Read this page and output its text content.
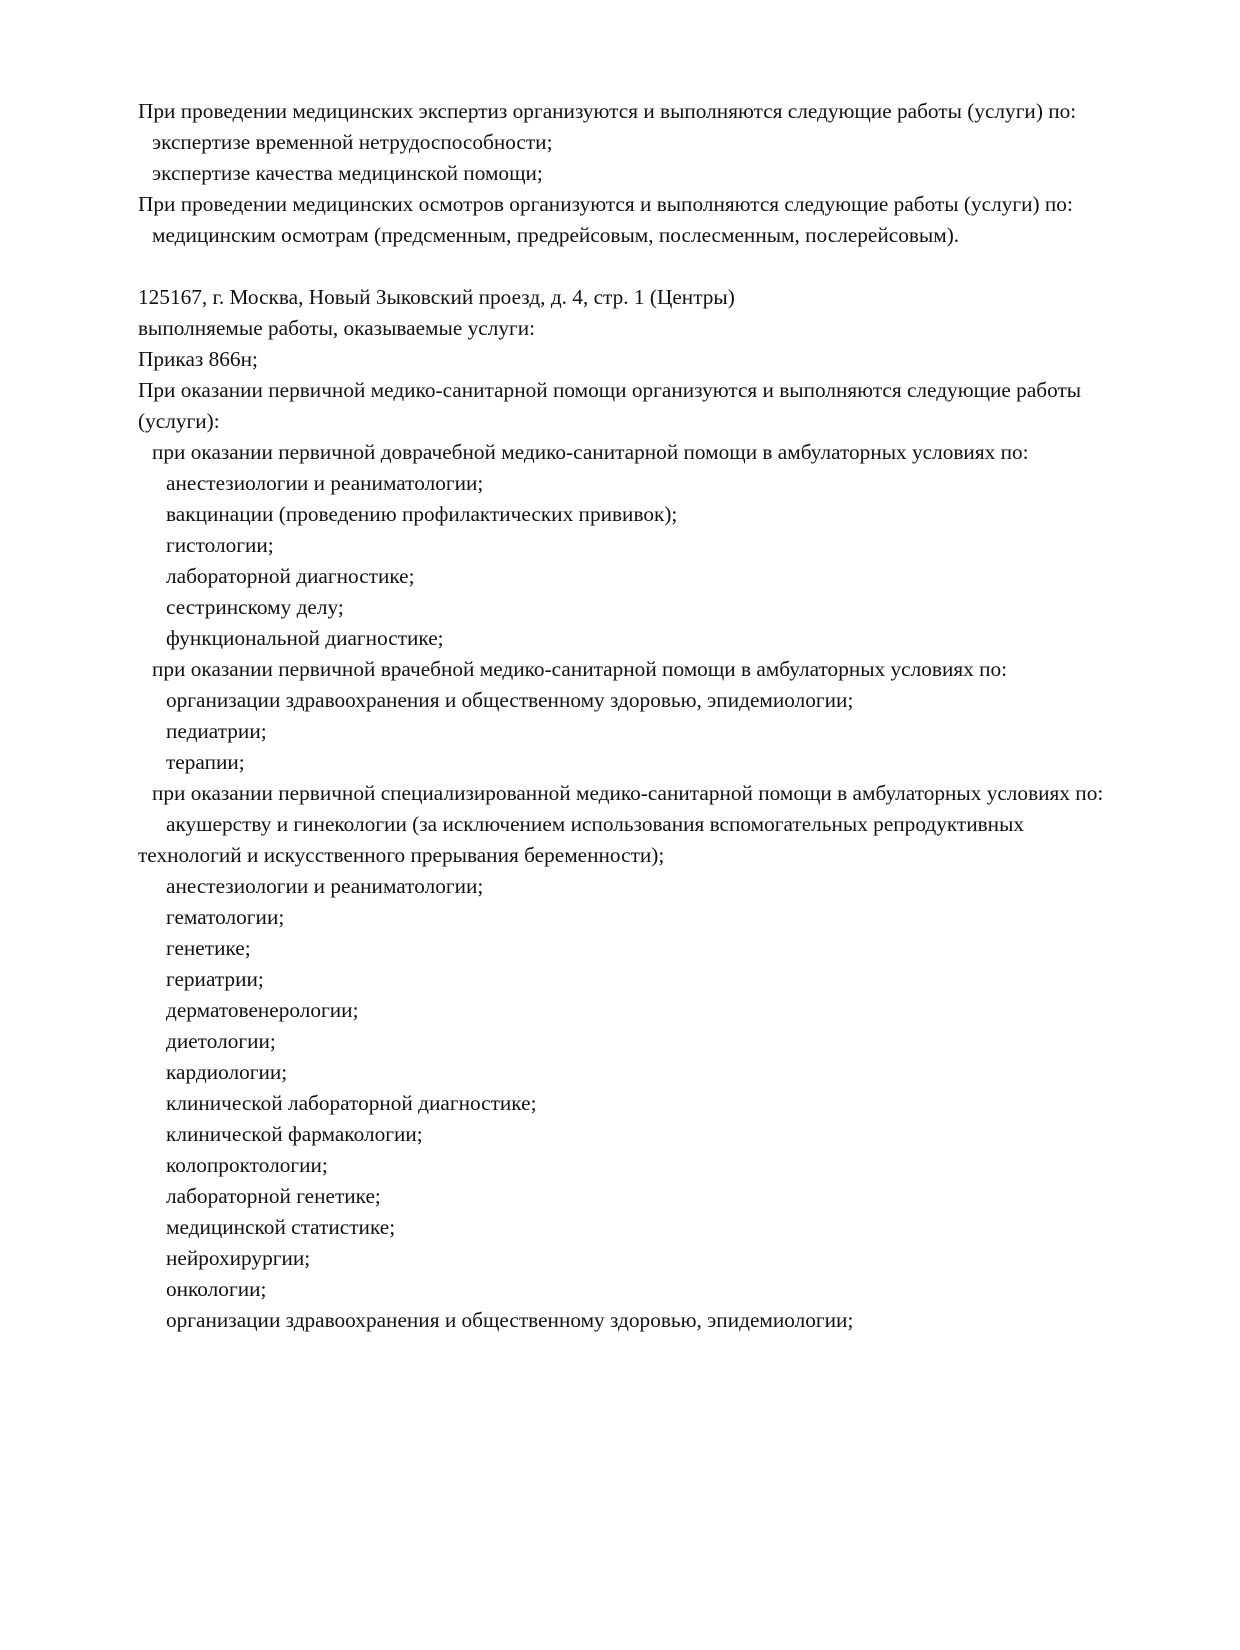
При проведении медицинских экспертиз организуются и выполняются следующие работы (услуги) по:

экспертизе временной нетрудоспособности;

экспертизе качества медицинской помощи;

При проведении медицинских осмотров организуются и выполняются следующие работы (услуги) по:

медицинским осмотрам (предсменным, предрейсовым, послесменным, послерейсовым).

125167, г. Москва, Новый Зыковский проезд, д. 4, стр. 1 (Центры)

выполняемые работы, оказываемые услуги:

Приказ 866н;

При оказании первичной медико-санитарной помощи организуются и выполняются следующие работы (услуги):

при оказании первичной доврачебной медико-санитарной помощи в амбулаторных условиях по:

анестезиологии и реаниматологии;

вакцинации (проведению профилактических прививок);

гистологии;

лабораторной диагностике;

сестринскому делу;

функциональной диагностике;

при оказании первичной врачебной медико-санитарной помощи в амбулаторных условиях по:

организации здравоохранения и общественному здоровью, эпидемиологии;

педиатрии;

терапии;

при оказании первичной специализированной медико-санитарной помощи в амбулаторных условиях по:

акушерству и гинекологии (за исключением использования вспомогательных репродуктивных технологий и искусственного прерывания беременности);

анестезиологии и реаниматологии;

гематологии;

генетике;

гериатрии;

дерматовенерологии;

диетологии;

кардиологии;

клинической лабораторной диагностике;

клинической фармакологии;

колопроктологии;

лабораторной генетике;

медицинской статистике;

нейрохирургии;

онкологии;

организации здравоохранения и общественному здоровью, эпидемиологии;
